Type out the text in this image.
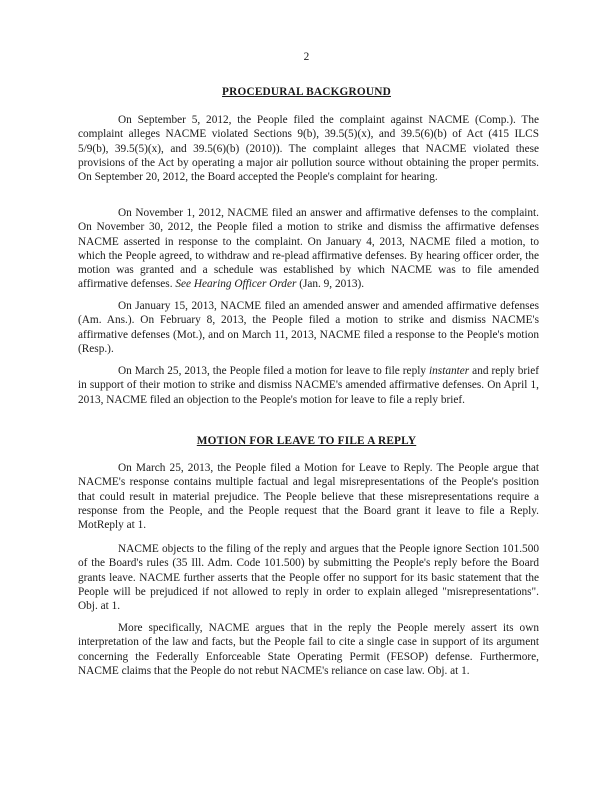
2
PROCEDURAL BACKGROUND

On September 5, 2012, the People filed the complaint against NACME (Comp.). The complaint alleges NACME violated Sections 9(b), 39.5(5)(x), and 39.5(6)(b) of Act (415 ILCS 5/9(b), 39.5(5)(x), and 39.5(6)(b) (2010)). The complaint alleges that NACME violated these provisions of the Act by operating a major air pollution source without obtaining the proper permits. On September 20, 2012, the Board accepted the People's complaint for hearing.

On November 1, 2012, NACME filed an answer and affirmative defenses to the complaint. On November 30, 2012, the People filed a motion to strike and dismiss the affirmative defenses NACME asserted in response to the complaint. On January 4, 2013, NACME filed a motion, to which the People agreed, to withdraw and re-plead affirmative defenses. By hearing officer order, the motion was granted and a schedule was established by which NACME was to file amended affirmative defenses. See Hearing Officer Order (Jan. 9, 2013).

On January 15, 2013, NACME filed an amended answer and amended affirmative defenses (Am. Ans.). On February 8, 2013, the People filed a motion to strike and dismiss NACME's affirmative defenses (Mot.), and on March 11, 2013, NACME filed a response to the People's motion (Resp.).

On March 25, 2013, the People filed a motion for leave to file reply instanter and reply brief in support of their motion to strike and dismiss NACME's amended affirmative defenses. On April 1, 2013, NACME filed an objection to the People's motion for leave to file a reply brief.

MOTION FOR LEAVE TO FILE A REPLY

On March 25, 2013, the People filed a Motion for Leave to Reply. The People argue that NACME's response contains multiple factual and legal misrepresentations of the People's position that could result in material prejudice. The People believe that these misrepresentations require a response from the People, and the People request that the Board grant it leave to file a Reply. MotReply at 1.

NACME objects to the filing of the reply and argues that the People ignore Section 101.500 of the Board's rules (35 Ill. Adm. Code 101.500) by submitting the People's reply before the Board grants leave. NACME further asserts that the People offer no support for its basic statement that the People will be prejudiced if not allowed to reply in order to explain alleged "misrepresentations". Obj. at 1.

More specifically, NACME argues that in the reply the People merely assert its own interpretation of the law and facts, but the People fail to cite a single case in support of its argument concerning the Federally Enforceable State Operating Permit (FESOP) defense. Furthermore, NACME claims that the People do not rebut NACME's reliance on case law. Obj. at 1.
